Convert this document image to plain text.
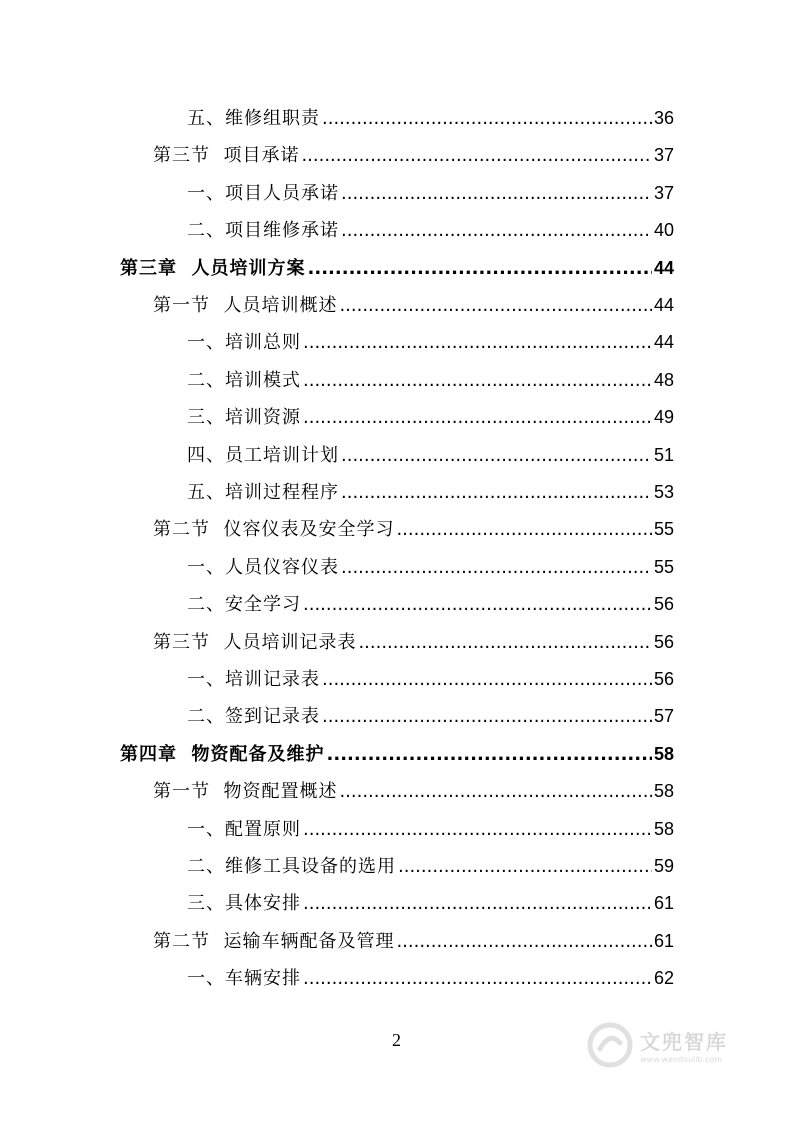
五、维修组职责 .....	36
第三节  项目承诺 .....	37
一、项目人员承诺 .....	37
二、项目维修承诺 .....	40
第三章  人员培训方案 .....	44
第一节  人员培训概述 .....	44
一、培训总则 .....	44
二、培训模式 .....	48
三、培训资源 .....	49
四、员工培训计划 .....	51
五、培训过程程序 .....	53
第二节  仪容仪表及安全学习 .....	55
一、人员仪容仪表 .....	55
二、安全学习 .....	56
第三节  人员培训记录表 .....	56
一、培训记录表 .....	56
二、签到记录表 .....	57
第四章  物资配备及维护 .....	58
第一节  物资配置概述 .....	58
一、配置原则 .....	58
二、维修工具设备的选用 .....	59
三、具体安排 .....	61
第二节  运输车辆配备及管理 .....	61
一、车辆安排 .....	62
2	文兜智库
www.wendoulib.com
